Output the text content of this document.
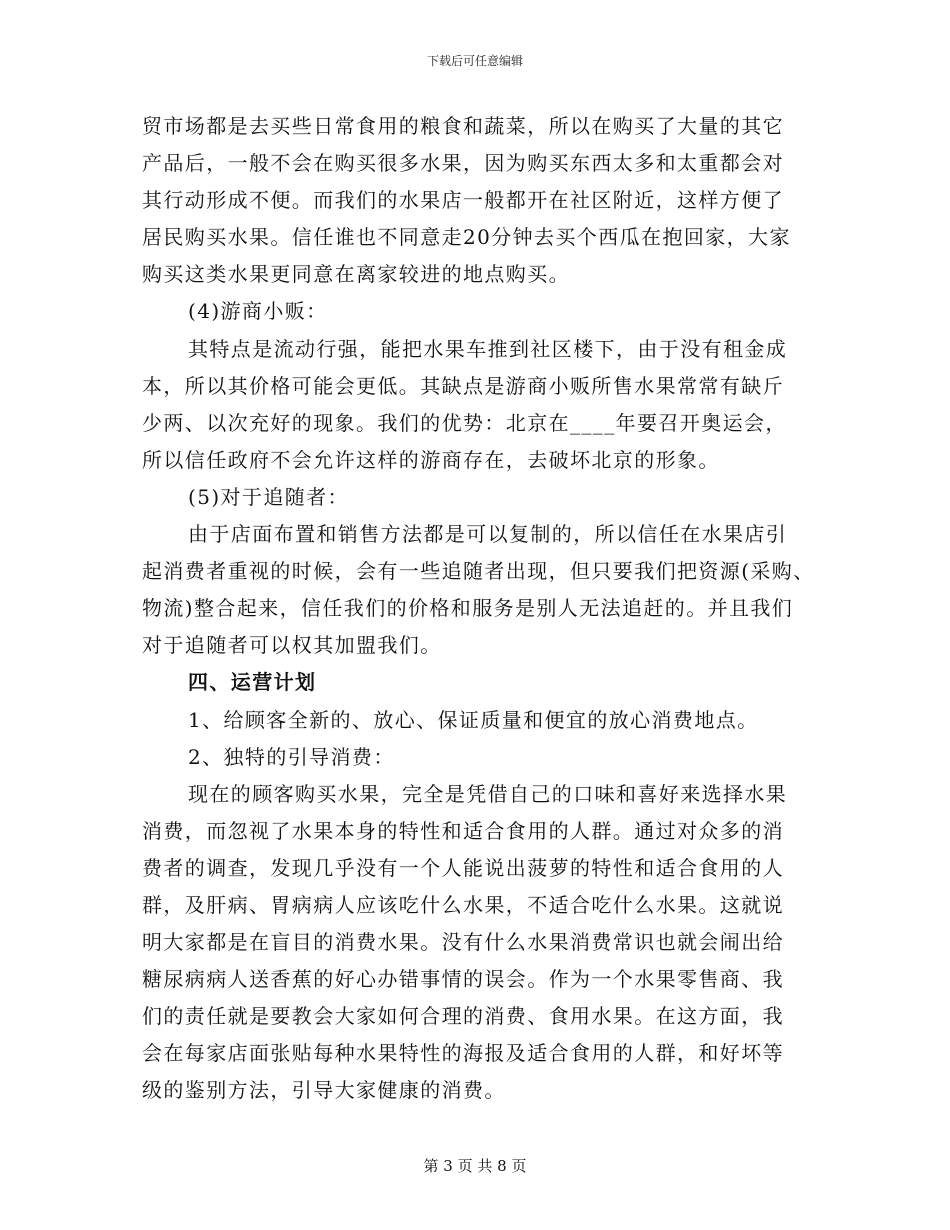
下载后可任意编辑
贸市场都是去买些日常食用的粮食和蔬菜，所以在购买了大量的其它
产品后，一般不会在购买很多水果，因为购买东西太多和太重都会对
其行动形成不便。而我们的水果店一般都开在社区附近，这样方便了
居民购买水果。信任谁也不同意走20分钟去买个西瓜在抱回家，大家
购买这类水果更同意在离家较进的地点购买。
(4)游商小贩：
其特点是流动行强，能把水果车推到社区楼下，由于没有租金成
本，所以其价格可能会更低。其缺点是游商小贩所售水果常常有缺斤
少两、以次充好的现象。我们的优势：北京在____年要召开奥运会，
所以信任政府不会允许这样的游商存在，去破坏北京的形象。
(5)对于追随者：
由于店面布置和销售方法都是可以复制的，所以信任在水果店引
起消费者重视的时候，会有一些追随者出现，但只要我们把资源(采购、
物流)整合起来，信任我们的价格和服务是别人无法追赶的。并且我们
对于追随者可以权其加盟我们。
四、运营计划
1、给顾客全新的、放心、保证质量和便宜的放心消费地点。
2、独特的引导消费：
现在的顾客购买水果，完全是凭借自己的口味和喜好来选择水果
消费，而忽视了水果本身的特性和适合食用的人群。通过对众多的消
费者的调查，发现几乎没有一个人能说出菠萝的特性和适合食用的人
群，及肝病、胃病病人应该吃什么水果，不适合吃什么水果。这就说
明大家都是在盲目的消费水果。没有什么水果消费常识也就会闹出给
糖尿病病人送香蕉的好心办错事情的误会。作为一个水果零售商、我
们的责任就是要教会大家如何合理的消费、食用水果。在这方面，我
会在每家店面张贴每种水果特性的海报及适合食用的人群，和好坏等
级的鉴别方法，引导大家健康的消费。
第 3 页 共 8 页
